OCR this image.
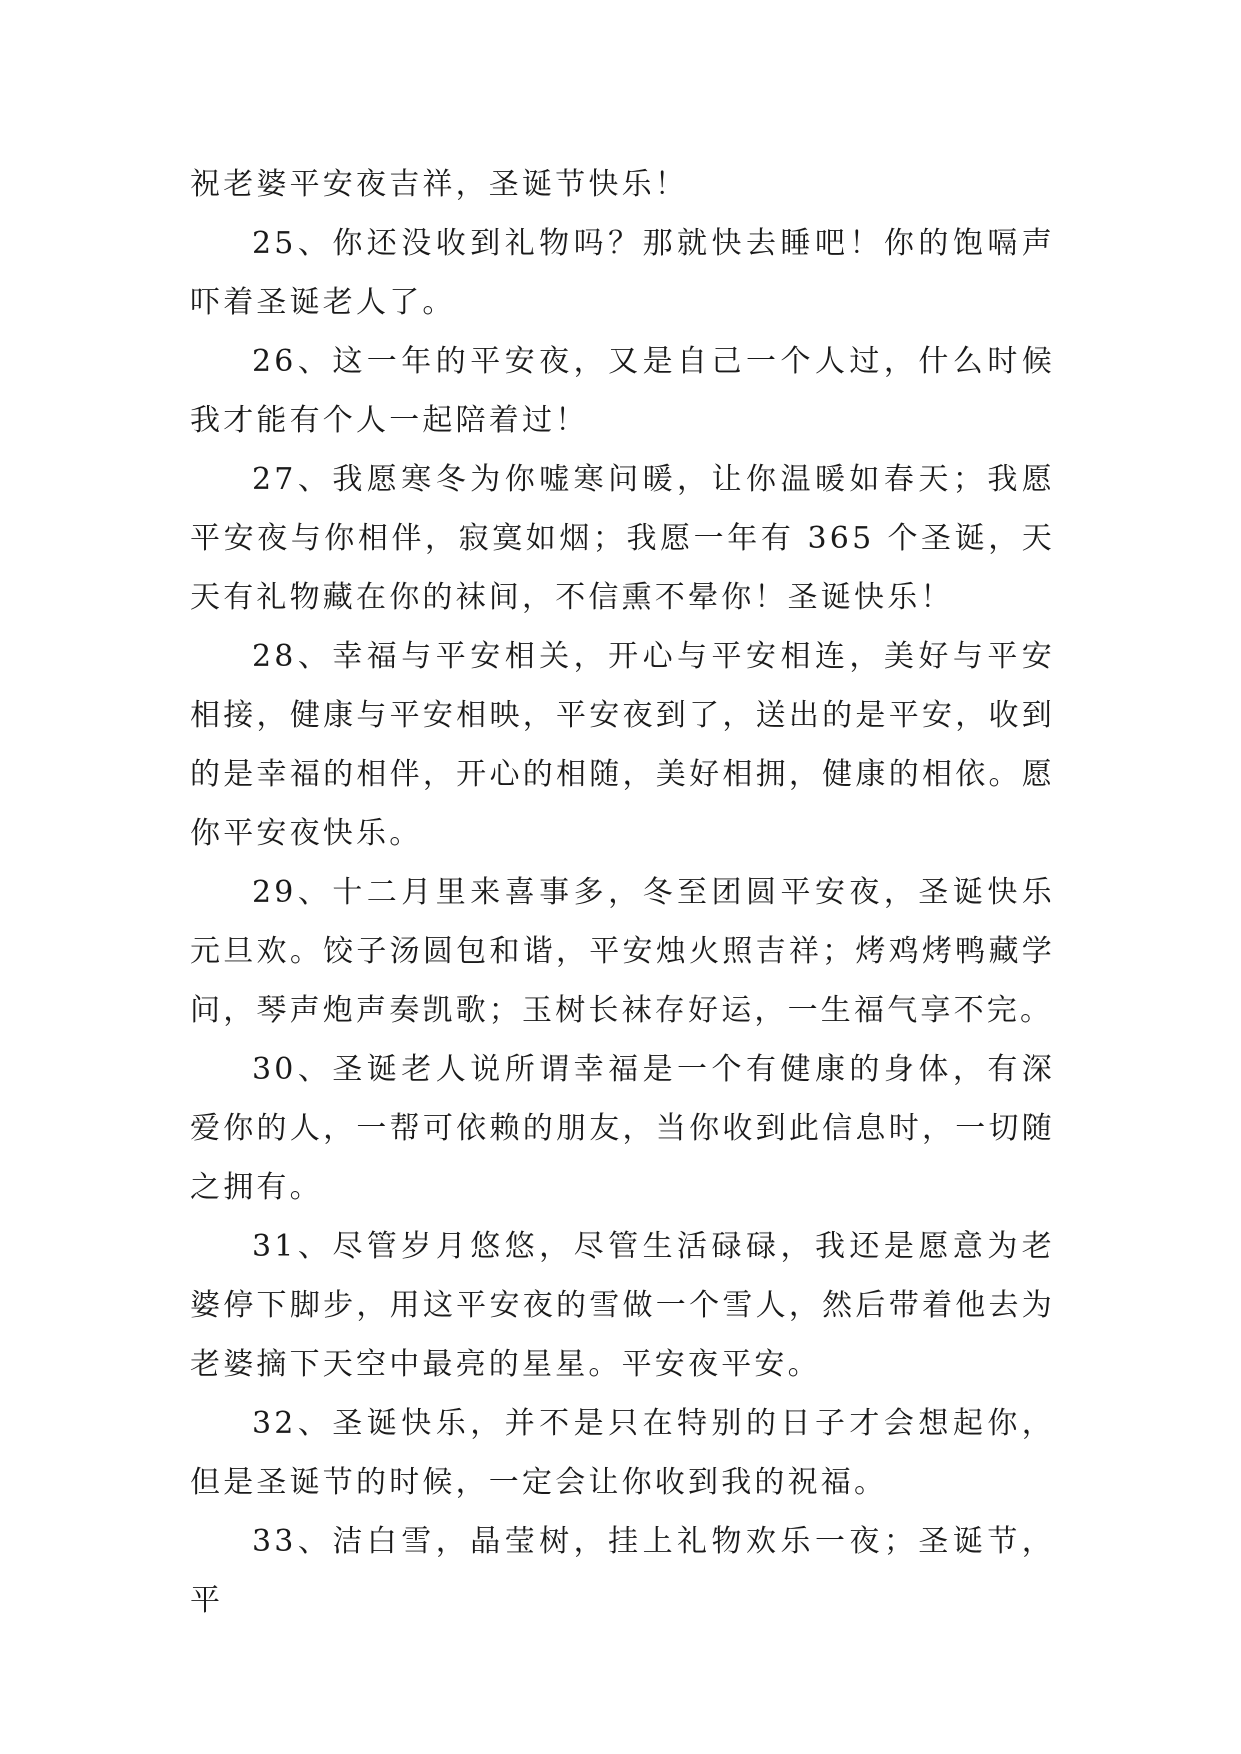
祝老婆平安夜吉祥，圣诞节快乐！

25、你还没收到礼物吗？那就快去睡吧！你的饱嗝声吓着圣诞老人了。

26、这一年的平安夜，又是自己一个人过，什么时候我才能有个人一起陪着过！

27、我愿寒冬为你嘘寒问暖，让你温暖如春天；我愿平安夜与你相伴，寂寞如烟；我愿一年有 365 个圣诞，天天有礼物藏在你的袜间，不信熏不晕你！圣诞快乐！

28、幸福与平安相关，开心与平安相连，美好与平安相接，健康与平安相映，平安夜到了，送出的是平安，收到的是幸福的相伴，开心的相随，美好相拥，健康的相依。愿你平安夜快乐。

29、十二月里来喜事多，冬至团圆平安夜，圣诞快乐元旦欢。饺子汤圆包和谐，平安烛火照吉祥；烤鸡烤鸭藏学问，琴声炮声奏凯歌；玉树长袜存好运，一生福气享不完。

30、圣诞老人说所谓幸福是一个有健康的身体，有深爱你的人，一帮可依赖的朋友，当你收到此信息时，一切随之拥有。

31、尽管岁月悠悠，尽管生活碌碌，我还是愿意为老婆停下脚步，用这平安夜的雪做一个雪人，然后带着他去为老婆摘下天空中最亮的星星。平安夜平安。

32、圣诞快乐，并不是只在特别的日子才会想起你，但是圣诞节的时候，一定会让你收到我的祝福。

33、洁白雪，晶莹树，挂上礼物欢乐一夜；圣诞节，平
